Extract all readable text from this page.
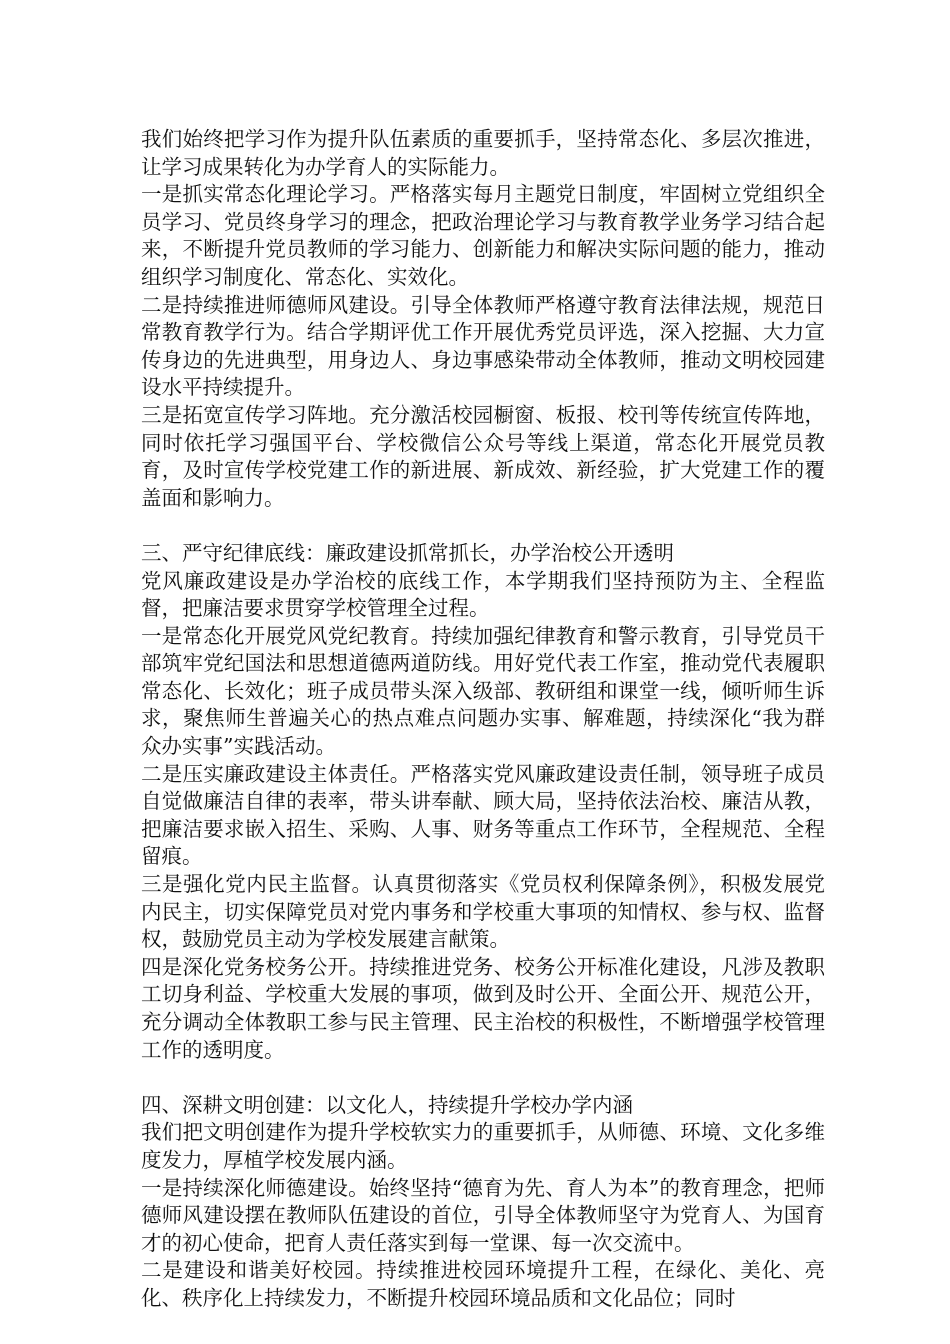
我们始终把学习作为提升队伍素质的重要抓手，坚持常态化、多层次推进，让学习成果转化为办学育人的实际能力。

一是抓实常态化理论学习。严格落实每月主题党日制度，牢固树立党组织全员学习、党员终身学习的理念，把政治理论学习与教育教学业务学习结合起来，不断提升党员教师的学习能力、创新能力和解决实际问题的能力，推动组织学习制度化、常态化、实效化。

二是持续推进师德师风建设。引导全体教师严格遵守教育法律法规，规范日常教育教学行为。结合学期评优工作开展优秀党员评选，深入挖掘、大力宣传身边的先进典型，用身边人、身边事感染带动全体教师，推动文明校园建设水平持续提升。

三是拓宽宣传学习阵地。充分激活校园橱窗、板报、校刊等传统宣传阵地，同时依托学习强国平台、学校微信公众号等线上渠道，常态化开展党员教育，及时宣传学校党建工作的新进展、新成效、新经验，扩大党建工作的覆盖面和影响力。

三、严守纪律底线：廉政建设抓常抓长，办学治校公开透明

党风廉政建设是办学治校的底线工作，本学期我们坚持预防为主、全程监督，把廉洁要求贯穿学校管理全过程。

一是常态化开展党风党纪教育。持续加强纪律教育和警示教育，引导党员干部筑牢党纪国法和思想道德两道防线。用好党代表工作室，推动党代表履职常态化、长效化；班子成员带头深入级部、教研组和课堂一线，倾听师生诉求，聚焦师生普遍关心的热点难点问题办实事、解难题，持续深化“我为群众办实事”实践活动。

二是压实廉政建设主体责任。严格落实党风廉政建设责任制，领导班子成员自觉做廉洁自律的表率，带头讲奉献、顾大局，坚持依法治校、廉洁从教，把廉洁要求嵌入招生、采购、人事、财务等重点工作环节，全程规范、全程留痕。

三是强化党内民主监督。认真贯彻落实《党员权利保障条例》，积极发展党内民主，切实保障党员对党内事务和学校重大事项的知情权、参与权、监督权，鼓励党员主动为学校发展建言献策。

四是深化党务校务公开。持续推进党务、校务公开标准化建设，凡涉及教职工切身利益、学校重大发展的事项，做到及时公开、全面公开、规范公开，充分调动全体教职工参与民主管理、民主治校的积极性，不断增强学校管理工作的透明度。

四、深耕文明创建：以文化人，持续提升学校办学内涵

我们把文明创建作为提升学校软实力的重要抓手，从师德、环境、文化多维度发力，厚植学校发展内涵。

一是持续深化师德建设。始终坚持“德育为先、育人为本”的教育理念，把师德师风建设摆在教师队伍建设的首位，引导全体教师坚守为党育人、为国育才的初心使命，把育人责任落实到每一堂课、每一次交流中。

二是建设和谐美好校园。持续推进校园环境提升工程，在绿化、美化、亮化、秩序化上持续发力，不断提升校园环境品质和文化品位；同时
